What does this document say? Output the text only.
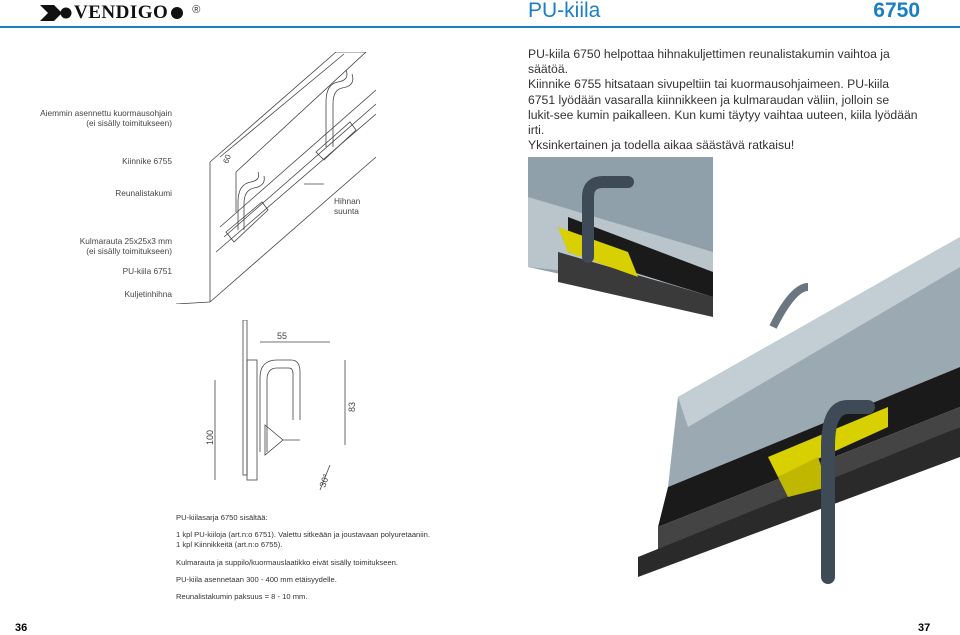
VENDIGO ®	PU-kiila	6750

PU-kiila 6750 helpottaa hihnakuljettimen reunalistakumin vaihtoa ja säätöä.

Kiinnike 6755 hitsataan sivupeltiin tai kuormausohjaimeen. PU-kiila 6751 lyödään vasaralla kiinnikkeen ja kulmaraudan väliin, jolloin se lukit-see kumin paikalleen. Kun kumi täytyy vaihtaa uuteen, kiila lyödään irti.

Yksinkertainen ja todella aikaa säästävä ratkaisu!

Aiemmin asennettu kuormausohjain
(ei sisälly toimitukseen)
Kiinnike 6755
Reunalistakumi
Kulmarauta 25x25x3 mm
(ei sisälly toimitukseen)
PU-kiila 6751
Kuljetinhihna
Hihnan
suunta
60
55
83
100
30°

PU-kiilasarja 6750 sisältää:

1 kpl PU-kiiloja (art.n:o 6751). Valettu sitkeään ja joustavaan polyuretaaniin.

1 kpl Kiinnikkeitä (art.n:o 6755).

Kulmarauta ja suppilo/kuormauslaatikko eivät sisälly toimitukseen.

PU-kiila asennetaan 300 - 400 mm etäisyydelle.

Reunalistakumin paksuus = 8 - 10 mm.

36	37
